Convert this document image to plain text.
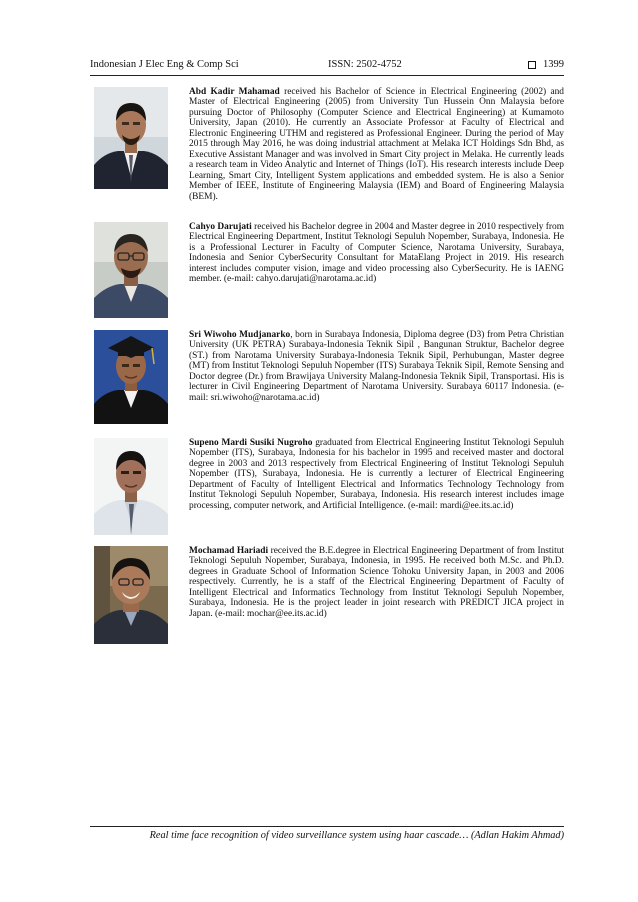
Indonesian J Elec Eng & Comp Sci	ISSN: 2502-4752	1399
Abd Kadir Mahamad received his Bachelor of Science in Electrical Engineering (2002) and Master of Electrical Engineering (2005) from University Tun Hussein Onn Malaysia before pursuing Doctor of Philosophy (Computer Science and Electrical Engineering) at Kumamoto University, Japan (2010). He currently an Associate Professor at Faculty of Electrical and Electronic Engineering UTHM and registered as Professional Engineer. During the period of May 2015 through May 2016, he was doing industrial attachment at Melaka ICT Holdings Sdn Bhd, as Executive Assistant Manager and was involved in Smart City project in Melaka. He currently leads a research team in Video Analytic and Internet of Things (IoT). His research interests include Deep Learning, Smart City, Intelligent System applications and embedded system. He is also a Senior Member of IEEE, Institute of Engineering Malaysia (IEM) and Board of Engineering Malaysia (BEM).
Cahyo Darujati received his Bachelor degree in 2004 and Master degree in 2010 respectively from Electrical Engineering Department, Institut Teknologi Sepuluh Nopember, Surabaya, Indonesia. He is a Professional Lecturer in Faculty of Computer Science, Narotama University, Surabaya, Indonesia and Senior CyberSecurity Consultant for MataElang Project in 2019. His research interest includes computer vision, image and video processing also CyberSecurity. He is IAENG member. (e-mail: cahyo.darujati@narotama.ac.id)
Sri Wiwoho Mudjanarko, born in Surabaya Indonesia, Diploma degree (D3) from Petra Christian University (UK PETRA) Surabaya-Indonesia Teknik Sipil , Bangunan Struktur, Bachelor degree (ST.) from Narotama University Surabaya-Indonesia Teknik Sipil, Perhubungan, Master degree (MT) from Institut Teknologi Sepuluh Nopember (ITS) Surabaya Teknik Sipil, Remote Sensing and Doctor degree (Dr.) from Brawijaya University Malang-Indonesia Teknik Sipil, Transportasi. His is lecturer in Civil Engineering Department of Narotama University. Surabaya 60117 Indonesia. (e-mail: sri.wiwoho@narotama.ac.id)
Supeno Mardi Susiki Nugroho graduated from Electrical Engineering Institut Teknologi Sepuluh Nopember (ITS), Surabaya, Indonesia for his bachelor in 1995 and received master and doctoral degree in 2003 and 2013 respectively from Electrical Engineering of Institut Teknologi Sepuluh Nopember (ITS), Surabaya, Indonesia. He is currently a lecturer of Electrical Engineering Department of Faculty of Intelligent Electrical and Informatics Technology Technology from Institut Teknologi Sepuluh Nopember, Surabaya, Indonesia. His research interest includes image processing, computer network, and Artificial Intelligence. (e-mail: mardi@ee.its.ac.id)
Mochamad Hariadi received the B.E.degree in Electrical Engineering Department of from Institut Teknologi Sepuluh Nopember, Surabaya, Indonesia, in 1995. He received both M.Sc. and Ph.D. degrees in Graduate School of Information Science Tohoku University Japan, in 2003 and 2006 respectively. Currently, he is a staff of the Electrical Engineering Department of Faculty of Intelligent Electrical and Informatics Technology from Institut Teknologi Sepuluh Nopember, Surabaya, Indonesia. He is the project leader in joint research with PREDICT JICA project in Japan. (e-mail: mochar@ee.its.ac.id)
Real time face recognition of video surveillance system using haar cascade… (Adlan Hakim Ahmad)
